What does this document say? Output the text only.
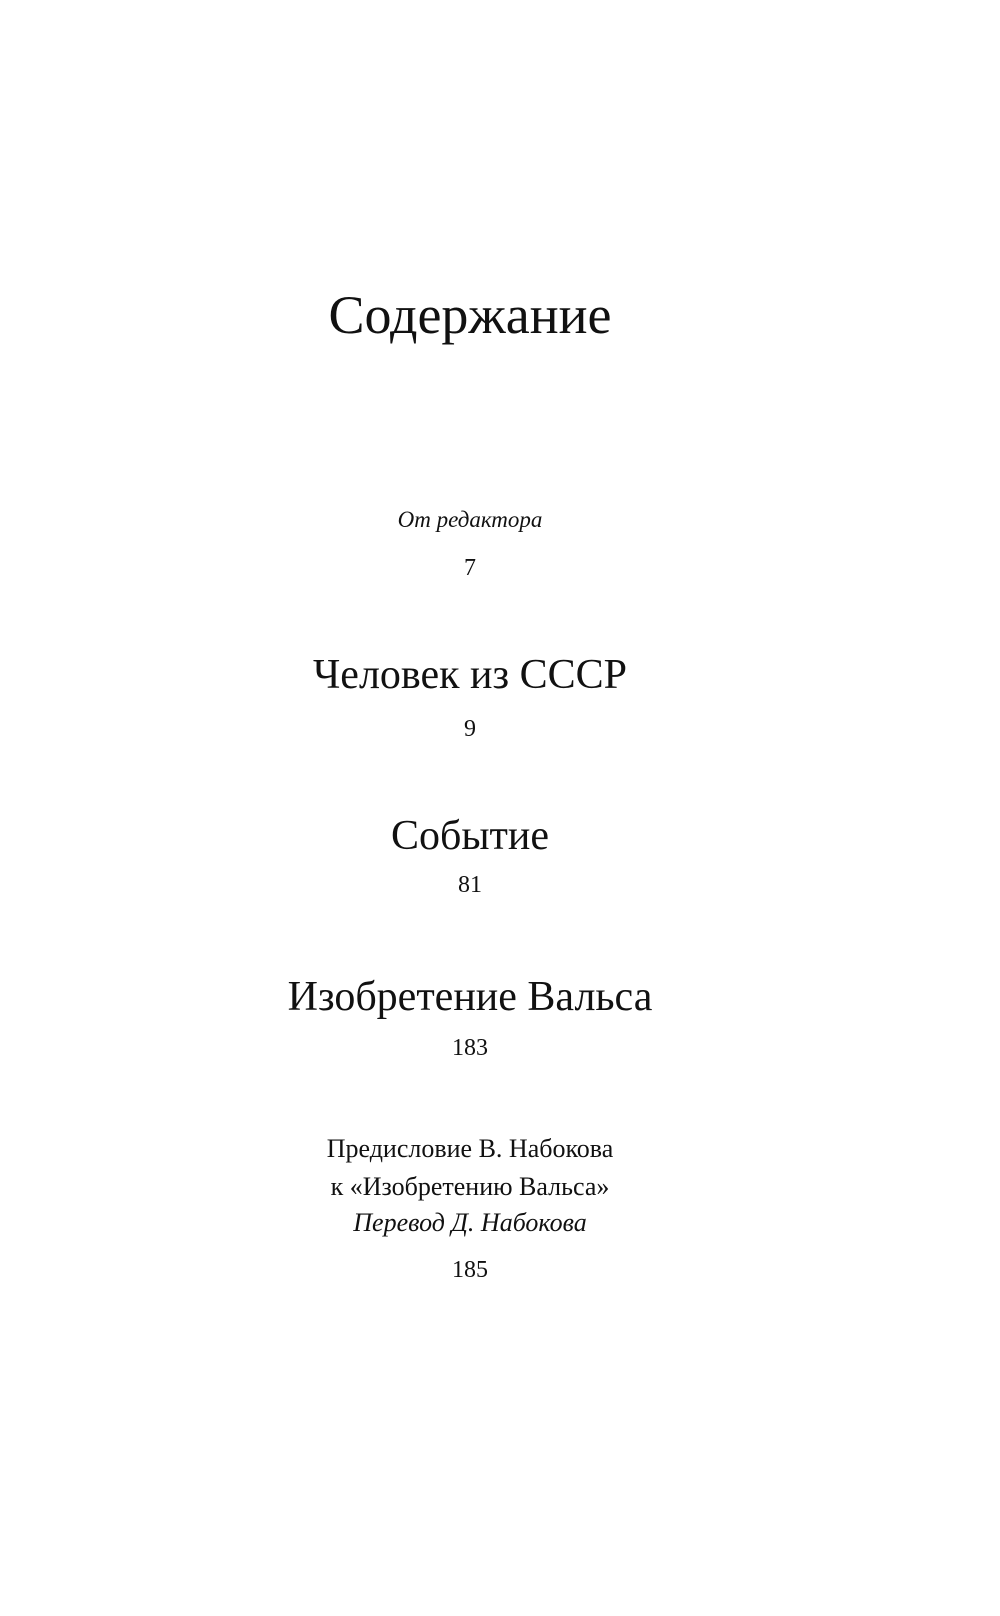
Содержание
От редактора
7
Человек из СССР
9
Событие
81
Изобретение Вальса
183
Предисловие В. Набокова
к «Изобретению Вальса»
Перевод Д. Набокова
185
